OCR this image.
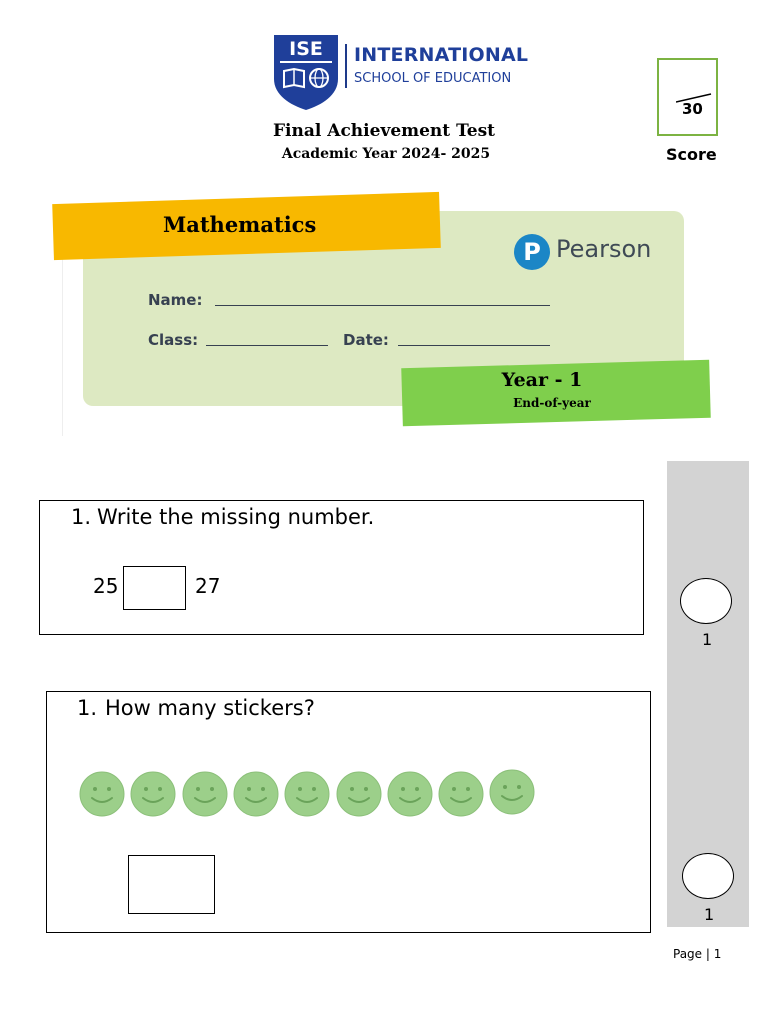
ISE INTERNATIONAL
SCHOOL OF EDUCATION
Final Achievement Test
Academic Year 2024- 2025
30
Score
Mathematics
P Pearson
Name:
Class:	Date:
Year - 1
End-of-year
1
1
1. Write the missing number.
25	27
1. How many stickers?
Page | 1
